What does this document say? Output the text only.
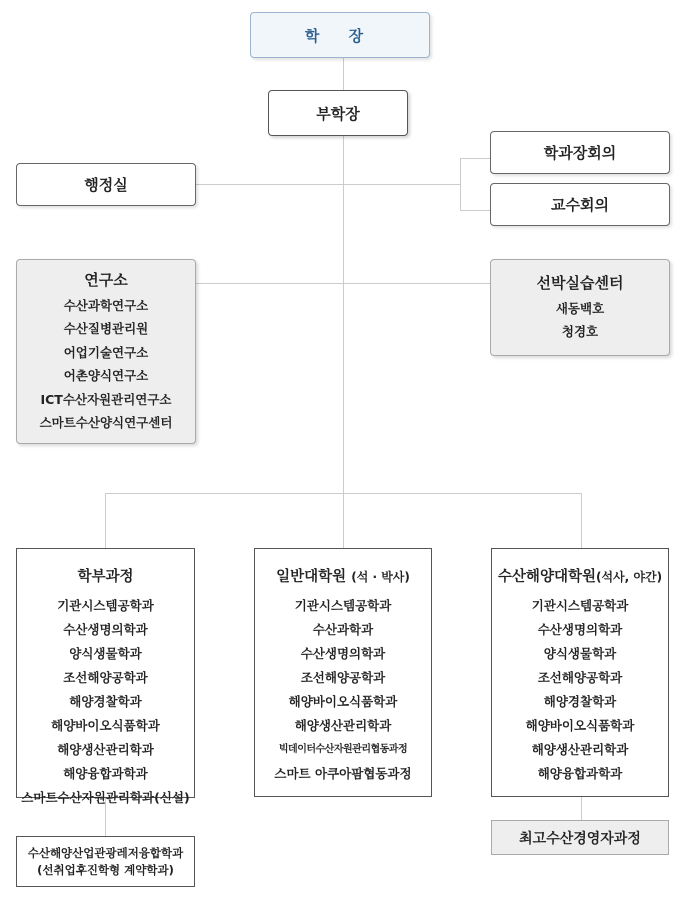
학 장
부학장
행정실
학과장회의
교수회의
연구소
수산과학연구소
수산질병관리원
어업기술연구소
어촌양식연구소
ICT수산자원관리연구소
스마트수산양식연구센터
선박실습센터
새동백호
청경호
학부과정
기관시스템공학과
수산생명의학과
양식생물학과
조선해양공학과
해양경찰학과
해양바이오식품학과
해양생산관리학과
해양융합과학과
스마트수산자원관리학과(신설)
수산해양산업관광레저융합학과
(선취업후진학형 계약학과)
일반대학원 (석 · 박사)
기관시스템공학과
수산과학과
수산생명의학과
조선해양공학과
해양바이오식품학과
해양생산관리학과
빅데이터수산자원관리협동과정
스마트 아쿠아팜협동과정
수산해양대학원(석사, 야간)
기관시스템공학과
수산생명의학과
양식생물학과
조선해양공학과
해양경찰학과
해양바이오식품학과
해양생산관리학과
해양융합과학과
최고수산경영자과정
